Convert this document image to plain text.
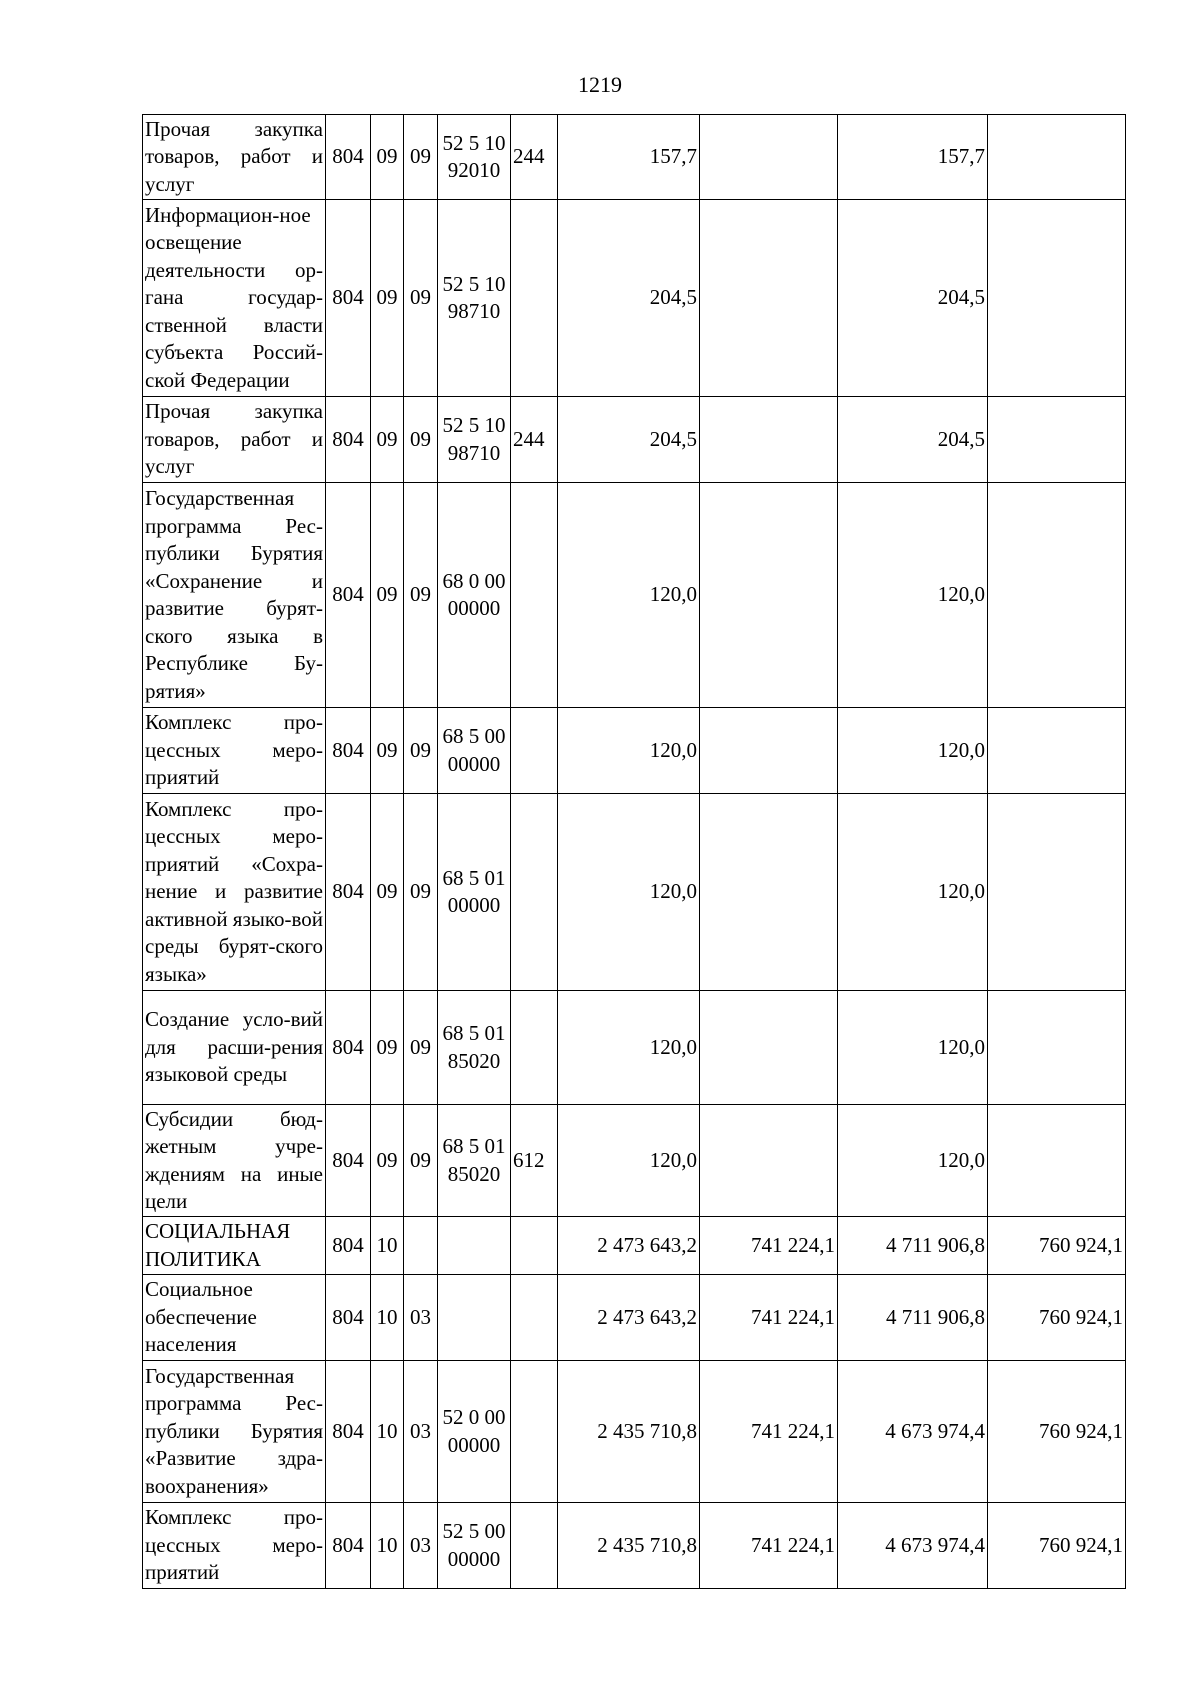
1219
Прочая закупка товаров, работ и услуг	804	09	09	52 5 10 92010	244	157,7		157,7	
Информацион-ное освещение деятельности ор-гана государ-ственной власти субъекта Россий-ской Федерации	804	09	09	52 5 10 98710		204,5		204,5	
Прочая закупка товаров, работ и услуг	804	09	09	52 5 10 98710	244	204,5		204,5	
Государственная программа Рес-публики Бурятия «Сохранение и развитие бурят-ского языка в Республике Бу-рятия»	804	09	09	68 0 00 00000		120,0		120,0	
Комплекс про-цессных меро-приятий	804	09	09	68 5 00 00000		120,0		120,0	
Комплекс про-цессных меро-приятий «Сохра-нение и развитие активной языко-вой среды бурят-ского языка»	804	09	09	68 5 01 00000		120,0		120,0	
Создание усло-вий для расши-рения языковой среды	804	09	09	68 5 01 85020		120,0		120,0	
Субсидии бюд-жетным учре-ждениям на иные цели	804	09	09	68 5 01 85020	612	120,0		120,0	
СОЦИАЛЬНАЯ ПОЛИТИКА	804	10				2 473 643,2	741 224,1	4 711 906,8	760 924,1
Социальное обеспечение населения	804	10	03			2 473 643,2	741 224,1	4 711 906,8	760 924,1
Государственная программа Рес-публики Бурятия «Развитие здра-воохранения»	804	10	03	52 0 00 00000		2 435 710,8	741 224,1	4 673 974,4	760 924,1
Комплекс про-цессных меро-приятий	804	10	03	52 5 00 00000		2 435 710,8	741 224,1	4 673 974,4	760 924,1
